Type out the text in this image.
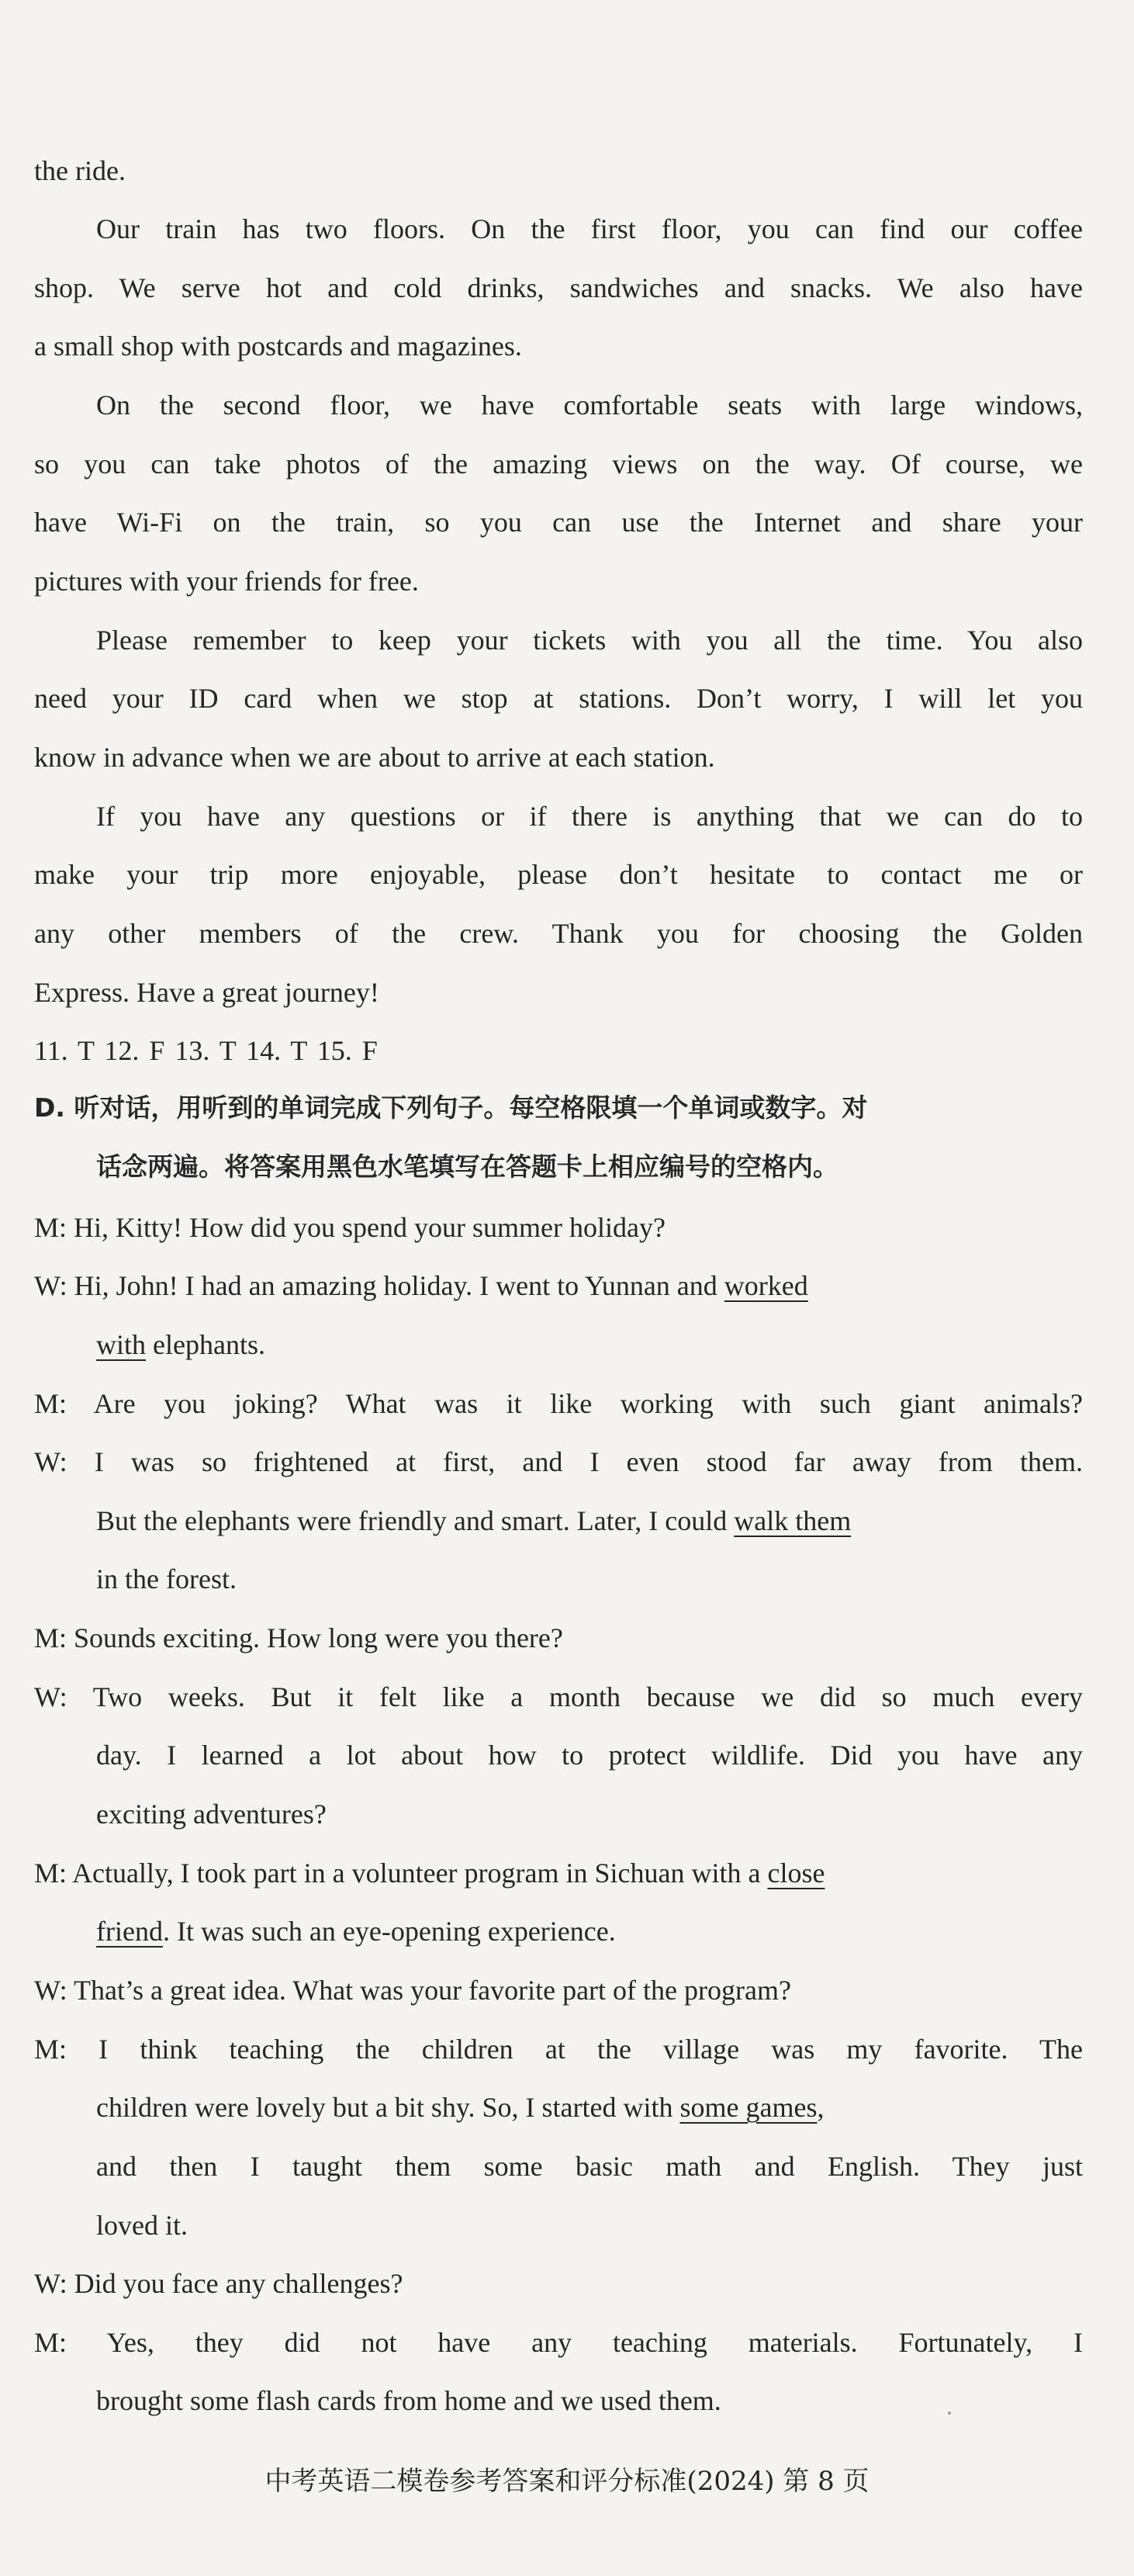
the ride.
Our train has two floors. On the first floor, you can find our coffee
shop. We serve hot and cold drinks, sandwiches and snacks. We also have
a small shop with postcards and magazines.
On the second floor, we have comfortable seats with large windows,
so you can take photos of the amazing views on the way. Of course, we
have Wi-Fi on the train, so you can use the Internet and share your
pictures with your friends for free.
Please remember to keep your tickets with you all the time. You also
need your ID card when we stop at stations. Don’t worry, I will let you
know in advance when we are about to arrive at each station.
If you have any questions or if there is anything that we can do to
make your trip more enjoyable, please don’t hesitate to contact me or
any other members of the crew. Thank you for choosing the Golden
Express. Have a great journey!
11. T 12. F 13. T 14. T 15. F
D. 听对话，用听到的单词完成下列句子。每空格限填一个单词或数字。对
话念两遍。将答案用黑色水笔填写在答题卡上相应编号的空格内。
M: Hi, Kitty! How did you spend your summer holiday?
W: Hi, John! I had an amazing holiday. I went to Yunnan and worked
with elephants.
M: Are you joking? What was it like working with such giant animals?
W: I was so frightened at first, and I even stood far away from them.
But the elephants were friendly and smart. Later, I could walk them
in the forest.
M: Sounds exciting. How long were you there?
W: Two weeks. But it felt like a month because we did so much every
day. I learned a lot about how to protect wildlife. Did you have any
exciting adventures?
M: Actually, I took part in a volunteer program in Sichuan with a close
friend. It was such an eye-opening experience.
W: That’s a great idea. What was your favorite part of the program?
M: I think teaching the children at the village was my favorite. The
children were lovely but a bit shy. So, I started with some games,
and then I taught them some basic math and English. They just
loved it.
W: Did you face any challenges?
M: Yes, they did not have any teaching materials. Fortunately, I
brought some flash cards from home and we used them.
中考英语二模卷参考答案和评分标准(2024) 第 8 页
